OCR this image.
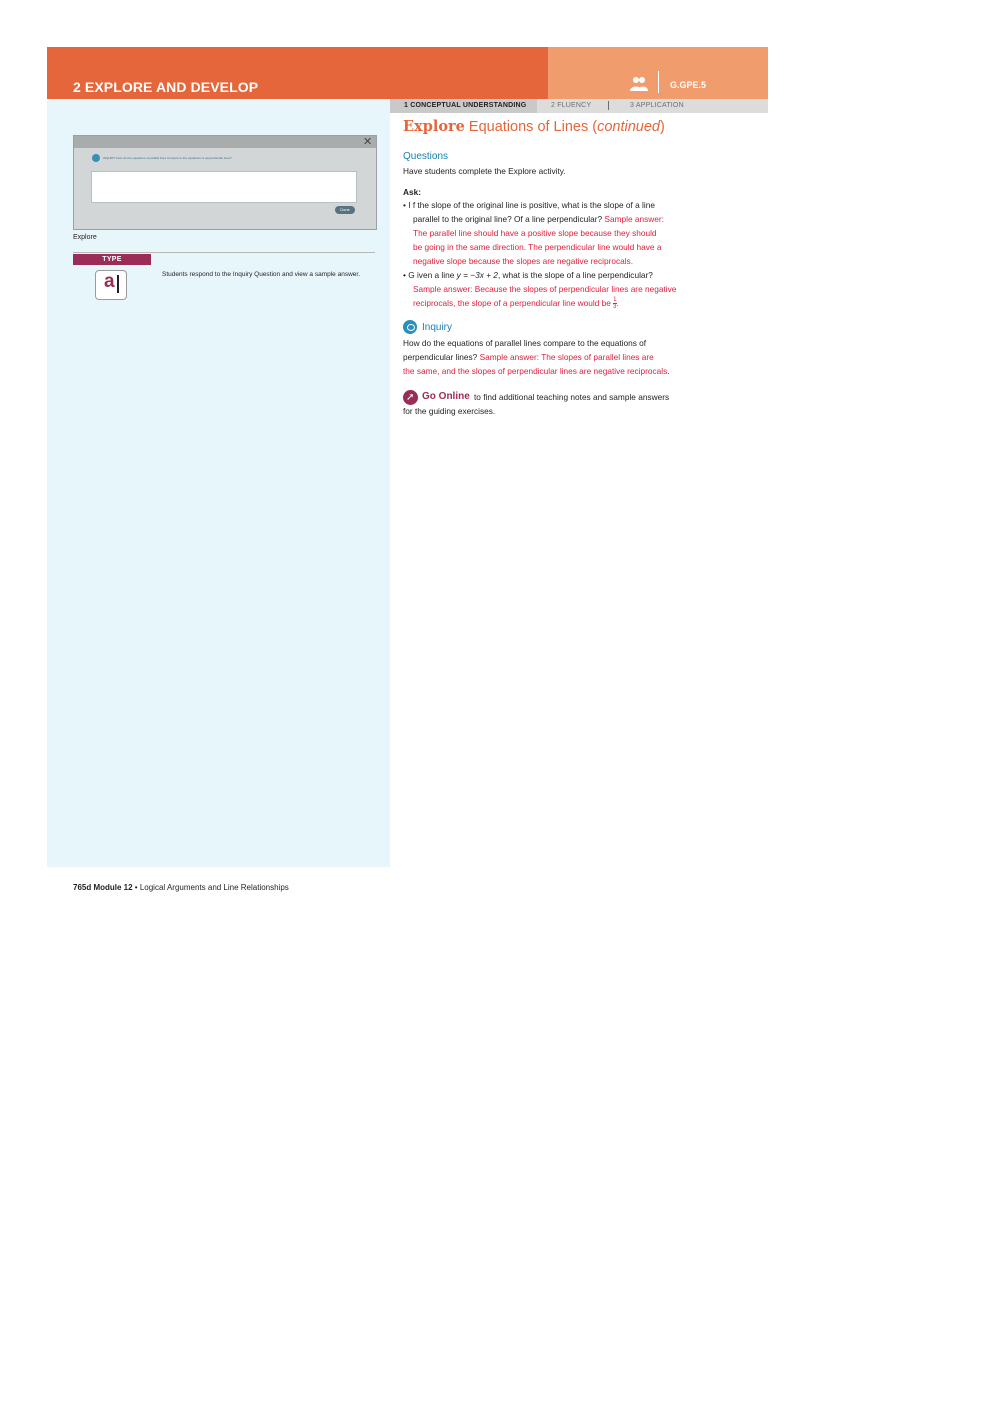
2 EXPLORE AND DEVELOP	G.GPE.5
1 CONCEPTUAL UNDERSTANDING	2 FLUENCY	3 APPLICATION
✕
INQUIRY How do the equations of parallel lines compare to the equations of perpendicular lines?
Done
Explore
TYPE
a	Students respond to the Inquiry Question and view a sample answer.
Explore Equations of Lines (continued)
Questions
Have students complete the Explore activity.
Ask:
• I f the slope of the original line is positive, what is the slope of a line
parallel to the original line? Of a line perpendicular? Sample answer:
The parallel line should have a positive slope because they should
be going in the same direction. The perpendicular line would have a
negative slope because the slopes are negative reciprocals.
• G iven a line y = −3x + 2, what is the slope of a line perpendicular?
Sample answer: Because the slopes of perpendicular lines are negative
reciprocals, the slope of a perpendicular line would be $\frac{1}{3}$ .
Inquiry
How do the equations of parallel lines compare to the equations of
perpendicular lines? Sample answer: The slopes of parallel lines are
the same, and the slopes of perpendicular lines are negative reciprocals.
➚ Go Online to find additional teaching notes and sample answers
for the guiding exercises.
765d Module 12 • Logical Arguments and Line Relationships
